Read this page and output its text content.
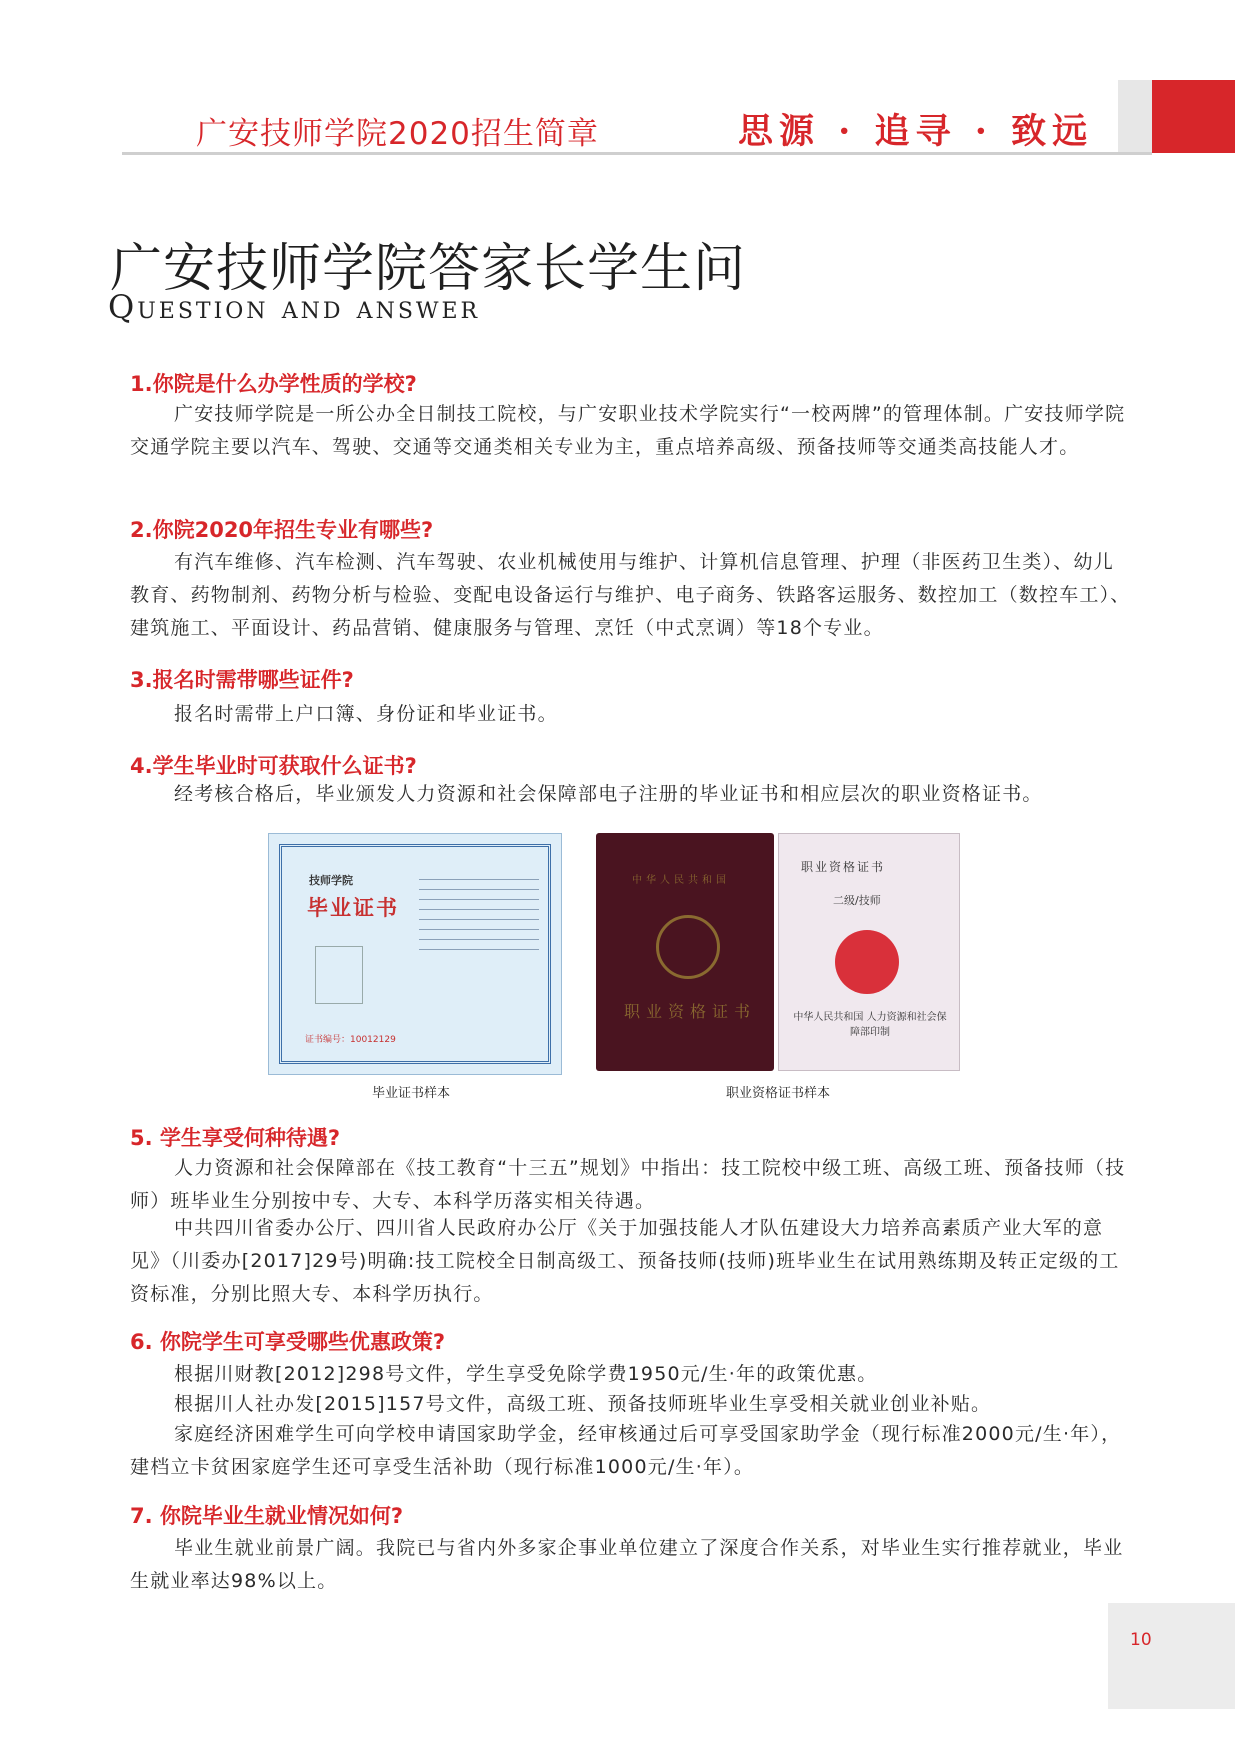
广安技师学院2020招生简章	思源 · 追寻 · 致远
广安技师学院答家长学生问
Question and answer
1.你院是什么办学性质的学校?

广安技师学院是一所公办全日制技工院校，与广安职业技术学院实行“一校两牌”的管理体制。广安技师学院交通学院主要以汽车、驾驶、交通等交通类相关专业为主，重点培养高级、预备技师等交通类高技能人才。

2.你院2020年招生专业有哪些?

有汽车维修、汽车检测、汽车驾驶、农业机械使用与维护、计算机信息管理、护理（非医药卫生类）、幼儿教育、药物制剂、药物分析与检验、变配电设备运行与维护、电子商务、铁路客运服务、数控加工（数控车工）、建筑施工、平面设计、药品营销、健康服务与管理、烹饪（中式烹调）等18个专业。

3.报名时需带哪些证件?

报名时需带上户口簿、身份证和毕业证书。

4.学生毕业时可获取什么证书?

经考核合格后，毕业颁发人力资源和社会保障部电子注册的毕业证书和相应层次的职业资格证书。

技师学院
毕业证书
证书编号：10012129
毕业证书样本
中华人民共和国
职业资格证书
职业资格证书
二级/技师
中华人民共和国 人力资源和社会保障部印制
职业资格证书样本
5. 学生享受何种待遇?

人力资源和社会保障部在《技工教育“十三五”规划》中指出：技工院校中级工班、高级工班、预备技师（技师）班毕业生分别按中专、大专、本科学历落实相关待遇。

中共四川省委办公厅、四川省人民政府办公厅《关于加强技能人才队伍建设大力培养高素质产业大军的意见》（川委办[2017]29号)明确:技工院校全日制高级工、预备技师(技师)班毕业生在试用熟练期及转正定级的工资标准，分别比照大专、本科学历执行。

6. 你院学生可享受哪些优惠政策?

根据川财教[2012]298号文件，学生享受免除学费1950元/生·年的政策优惠。

根据川人社办发[2015]157号文件，高级工班、预备技师班毕业生享受相关就业创业补贴。

家庭经济困难学生可向学校申请国家助学金，经审核通过后可享受国家助学金（现行标准2000元/生·年），建档立卡贫困家庭学生还可享受生活补助（现行标准1000元/生·年）。

7. 你院毕业生就业情况如何?

毕业生就业前景广阔。我院已与省内外多家企事业单位建立了深度合作关系，对毕业生实行推荐就业，毕业生就业率达98%以上。

10
